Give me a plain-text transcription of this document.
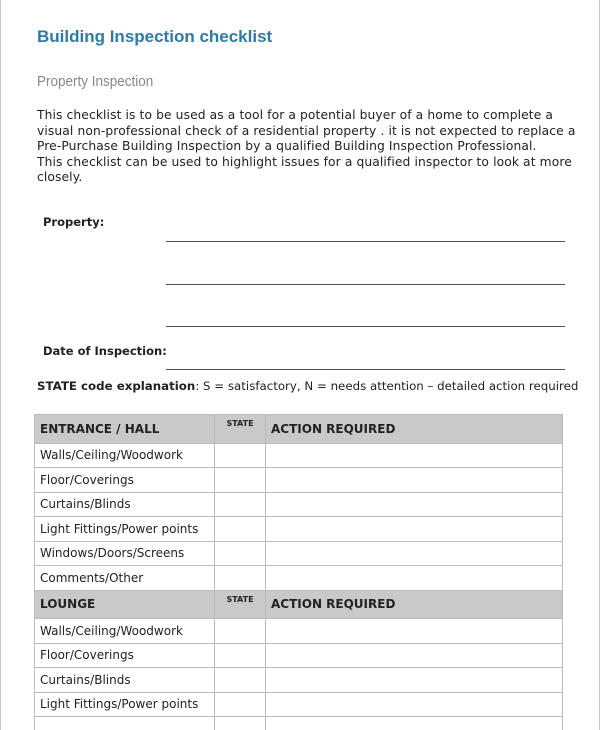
Building Inspection checklist
Property Inspection

This checklist is to be used as a tool for a potential buyer of a home to complete a visual non-professional check of a residential property . it is not expected to replace a Pre-Purchase Building Inspection by a qualified Building Inspection Professional.

This checklist can be used to highlight issues for a qualified inspector to look at more closely.

Property:
Date of Inspection:
STATE code explanation: S = satisfactory, N = needs attention – detailed action required
ENTRANCE / HALL	STATE	ACTION REQUIRED
Walls/Ceiling/Woodwork		
Floor/Coverings		
Curtains/Blinds		
Light Fittings/Power points		
Windows/Doors/Screens		
Comments/Other		
LOUNGE	STATE	ACTION REQUIRED
Walls/Ceiling/Woodwork		
Floor/Coverings		
Curtains/Blinds		
Light Fittings/Power points		
